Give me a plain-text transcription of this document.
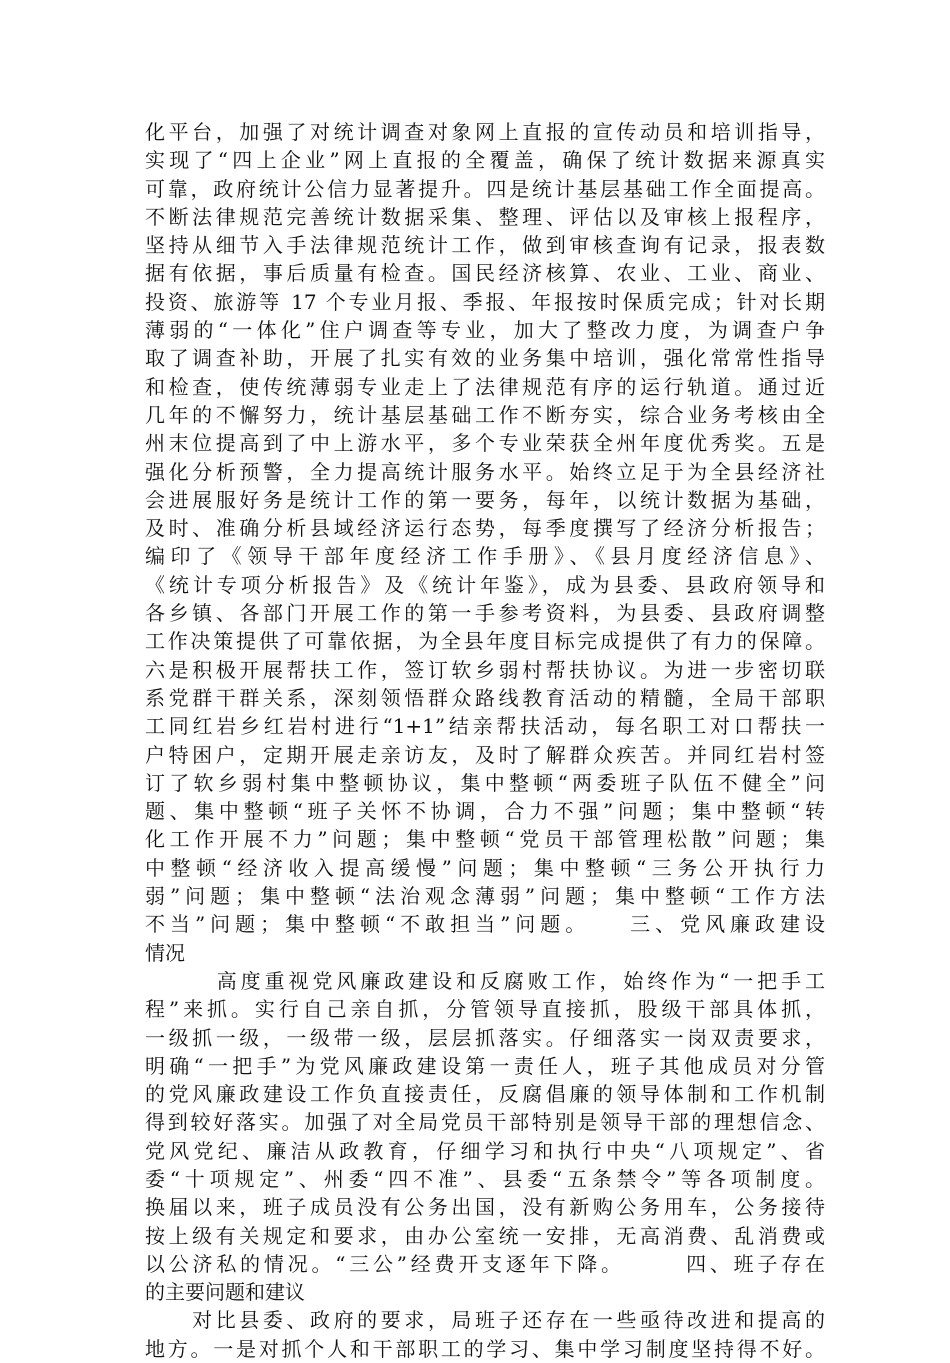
化平台，加强了对统计调查对象网上直报的宣传动员和培训指导，
实现了“四上企业”网上直报的全覆盖，确保了统计数据来源真实
可靠，政府统计公信力显著提升。四是统计基层基础工作全面提高。
不断法律规范完善统计数据采集、整理、评估以及审核上报程序，
坚持从细节入手法律规范统计工作，做到审核查询有记录，报表数
据有依据，事后质量有检查。国民经济核算、农业、工业、商业、
投资、旅游等 17 个专业月报、季报、年报按时保质完成；针对长期
薄弱的“一体化”住户调查等专业，加大了整改力度，为调查户争
取了调查补助，开展了扎实有效的业务集中培训，强化常常性指导
和检查，使传统薄弱专业走上了法律规范有序的运行轨道。通过近
几年的不懈努力，统计基层基础工作不断夯实，综合业务考核由全
州末位提高到了中上游水平，多个专业荣获全州年度优秀奖。五是
强化分析预警，全力提高统计服务水平。始终立足于为全县经济社
会进展服好务是统计工作的第一要务，每年，以统计数据为基础，
及时、准确分析县域经济运行态势，每季度撰写了经济分析报告；
编印了《领导干部年度经济工作手册》、《县月度经济信息》、
《统计专项分析报告》及《统计年鉴》，成为县委、县政府领导和
各乡镇、各部门开展工作的第一手参考资料，为县委、县政府调整
工作决策提供了可靠依据，为全县年度目标完成提供了有力的保障。
六是积极开展帮扶工作，签订软乡弱村帮扶协议。为进一步密切联
系党群干群关系，深刻领悟群众路线教育活动的精髓，全局干部职
工同红岩乡红岩村进行“1+1”结亲帮扶活动，每名职工对口帮扶一
户特困户，定期开展走亲访友，及时了解群众疾苦。并同红岩村签
订了软乡弱村集中整顿协议，集中整顿“两委班子队伍不健全”问
题、集中整顿“班子关怀不协调，合力不强”问题；集中整顿“转
化工作开展不力”问题；集中整顿“党员干部管理松散”问题；集
中整顿“经济收入提高缓慢”问题；集中整顿“三务公开执行力
弱”问题；集中整顿“法治观念薄弱”问题；集中整顿“工作方法
不当”问题；集中整顿“不敢担当”问题。　　三、党风廉政建设
情况
　　　高度重视党风廉政建设和反腐败工作，始终作为“一把手工
程”来抓。实行自己亲自抓，分管领导直接抓，股级干部具体抓，
一级抓一级，一级带一级，层层抓落实。仔细落实一岗双责要求，
明确“一把手”为党风廉政建设第一责任人，班子其他成员对分管
的党风廉政建设工作负直接责任，反腐倡廉的领导体制和工作机制
得到较好落实。加强了对全局党员干部特别是领导干部的理想信念、
党风党纪、廉洁从政教育，仔细学习和执行中央“八项规定”、省
委“十项规定”、州委“四不准”、县委“五条禁令”等各项制度。
换届以来，班子成员没有公务出国，没有新购公务用车，公务接待
按上级有关规定和要求，由办公室统一安排，无高消费、乱消费或
以公济私的情况。“三公”经费开支逐年下降。　　　四、班子存在
的主要问题和建议
　　对比县委、政府的要求，局班子还存在一些亟待改进和提高的
地方。一是对抓个人和干部职工的学习、集中学习制度坚持得不好。
